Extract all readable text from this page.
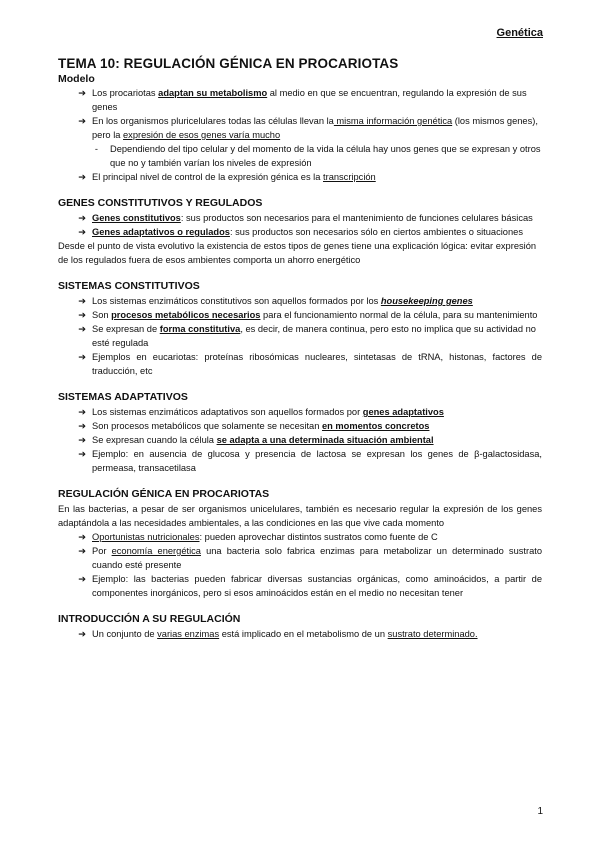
Genética
TEMA 10: REGULACIÓN GÉNICA EN PROCARIOTAS
Modelo
➔ Los procariotas adaptan su metabolismo al medio en que se encuentran, regulando la expresión de sus genes
➔ En los organismos pluricelulares todas las células llevan la misma información genética (los mismos genes), pero la expresión de esos genes varía mucho
-	Dependiendo del tipo celular y del momento de la vida la célula hay unos genes que se expresan y otros que no y también varían los niveles de expresión
➔ El principal nivel de control de la expresión génica es la transcripción
GENES CONSTITUTIVOS Y REGULADOS
➔ Genes constitutivos: sus productos son necesarios para el mantenimiento de funciones celulares básicas
➔ Genes adaptativos o regulados: sus productos son necesarios sólo en ciertos ambientes o situaciones
Desde el punto de vista evolutivo la existencia de estos tipos de genes tiene una explicación lógica: evitar expresión de los regulados fuera de esos ambientes comporta un ahorro energético
SISTEMAS CONSTITUTIVOS
➔ Los sistemas enzimáticos constitutivos son aquellos formados por los housekeeping genes
➔ Son procesos metabólicos necesarios para el funcionamiento normal de la célula, para su mantenimiento
➔ Se expresan de forma constitutiva, es decir, de manera continua, pero esto no implica que su actividad no esté regulada
➔ Ejemplos en eucariotas: proteínas ribosómicas nucleares, sintetasas de tRNA, histonas, factores de traducción, etc
SISTEMAS ADAPTATIVOS
➔ Los sistemas enzimáticos adaptativos son aquellos formados por genes adaptativos
➔ Son procesos metabólicos que solamente se necesitan en momentos concretos
➔ Se expresan cuando la célula se adapta a una determinada situación ambiental
➔ Ejemplo: en ausencia de glucosa y presencia de lactosa se expresan los genes de β-galactosidasa, permeasa, transacetilasa
REGULACIÓN GÉNICA EN PROCARIOTAS
En las bacterias, a pesar de ser organismos unicelulares, también es necesario regular la expresión de los genes adaptándola a las necesidades ambientales, a las condiciones en las que vive cada momento
➔ Oportunistas nutricionales: pueden aprovechar distintos sustratos como fuente de C
➔ Por economía energética una bacteria solo fabrica enzimas para metabolizar un determinado sustrato cuando esté presente
➔ Ejemplo: las bacterias pueden fabricar diversas sustancias orgánicas, como aminoácidos, a partir de componentes inorgánicos, pero si esos aminoácidos están en el medio no necesitan tener
INTRODUCCIÓN A SU REGULACIÓN
➔ Un conjunto de varias enzimas está implicado en el metabolismo de un sustrato determinado.
1
